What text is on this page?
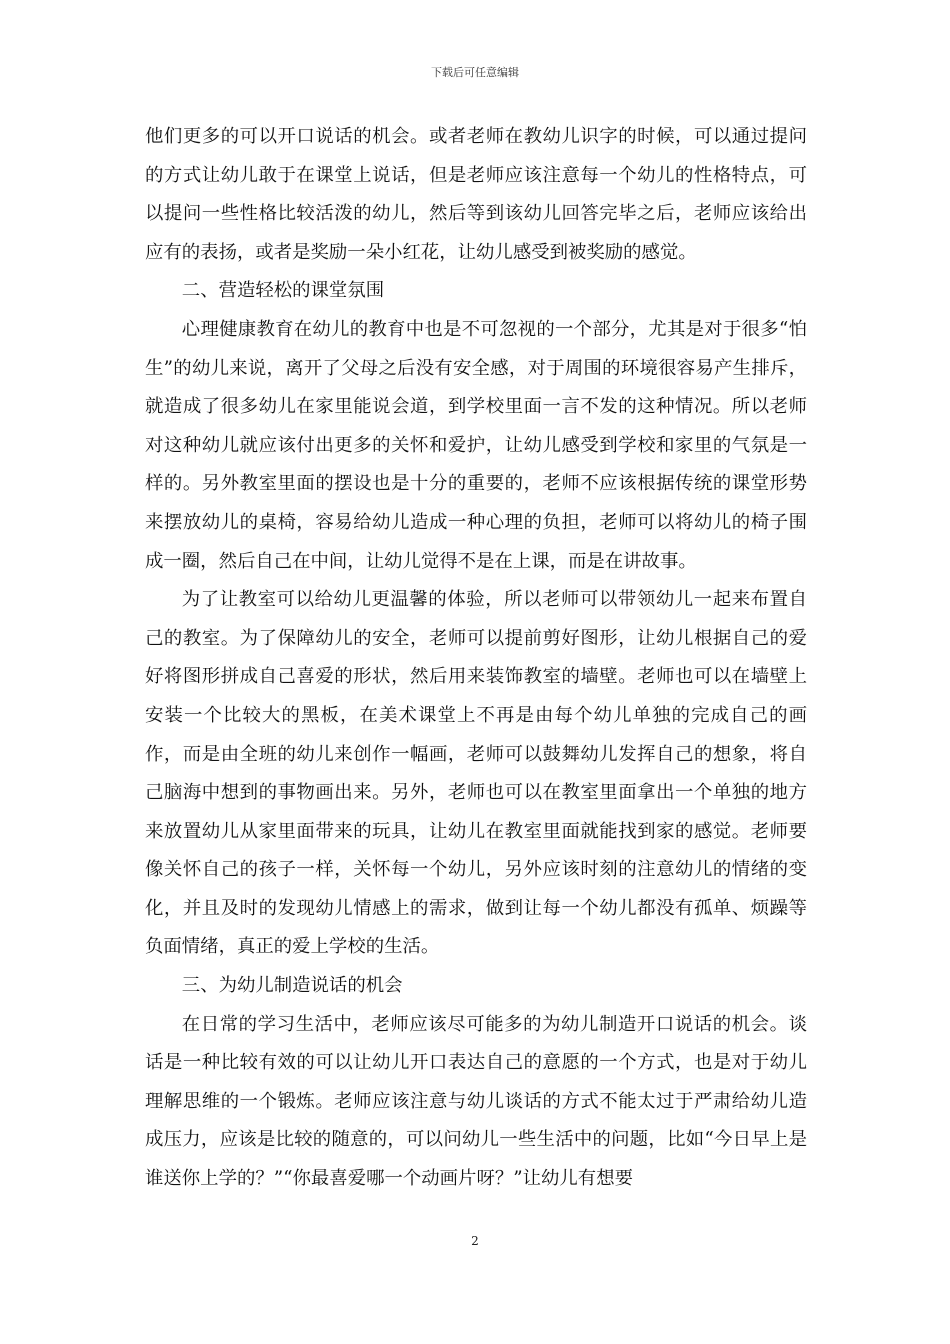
下载后可任意编辑

他们更多的可以开口说话的机会。或者老师在教幼儿识字的时候，可以通过提问的方式让幼儿敢于在课堂上说话，但是老师应该注意每一个幼儿的性格特点，可以提问一些性格比较活泼的幼儿，然后等到该幼儿回答完毕之后，老师应该给出应有的表扬，或者是奖励一朵小红花，让幼儿感受到被奖励的感觉。

二、营造轻松的课堂氛围

心理健康教育在幼儿的教育中也是不可忽视的一个部分，尤其是对于很多“怕生”的幼儿来说，离开了父母之后没有安全感，对于周围的环境很容易产生排斥，就造成了很多幼儿在家里能说会道，到学校里面一言不发的这种情况。所以老师对这种幼儿就应该付出更多的关怀和爱护，让幼儿感受到学校和家里的气氛是一样的。另外教室里面的摆设也是十分的重要的，老师不应该根据传统的课堂形势来摆放幼儿的桌椅，容易给幼儿造成一种心理的负担，老师可以将幼儿的椅子围成一圈，然后自己在中间，让幼儿觉得不是在上课，而是在讲故事。

为了让教室可以给幼儿更温馨的体验，所以老师可以带领幼儿一起来布置自己的教室。为了保障幼儿的安全，老师可以提前剪好图形，让幼儿根据自己的爱好将图形拼成自己喜爱的形状，然后用来装饰教室的墙壁。老师也可以在墙壁上安装一个比较大的黑板，在美术课堂上不再是由每个幼儿单独的完成自己的画作，而是由全班的幼儿来创作一幅画，老师可以鼓舞幼儿发挥自己的想象，将自己脑海中想到的事物画出来。另外，老师也可以在教室里面拿出一个单独的地方来放置幼儿从家里面带来的玩具，让幼儿在教室里面就能找到家的感觉。老师要像关怀自己的孩子一样，关怀每一个幼儿，另外应该时刻的注意幼儿的情绪的变化，并且及时的发现幼儿情感上的需求，做到让每一个幼儿都没有孤单、烦躁等负面情绪，真正的爱上学校的生活。

三、为幼儿制造说话的机会

在日常的学习生活中，老师应该尽可能多的为幼儿制造开口说话的机会。谈话是一种比较有效的可以让幼儿开口表达自己的意愿的一个方式，也是对于幼儿理解思维的一个锻炼。老师应该注意与幼儿谈话的方式不能太过于严肃给幼儿造成压力，应该是比较的随意的，可以问幼儿一些生活中的问题，比如“今日早上是谁送你上学的？”“你最喜爱哪一个动画片呀？”让幼儿有想要

2
